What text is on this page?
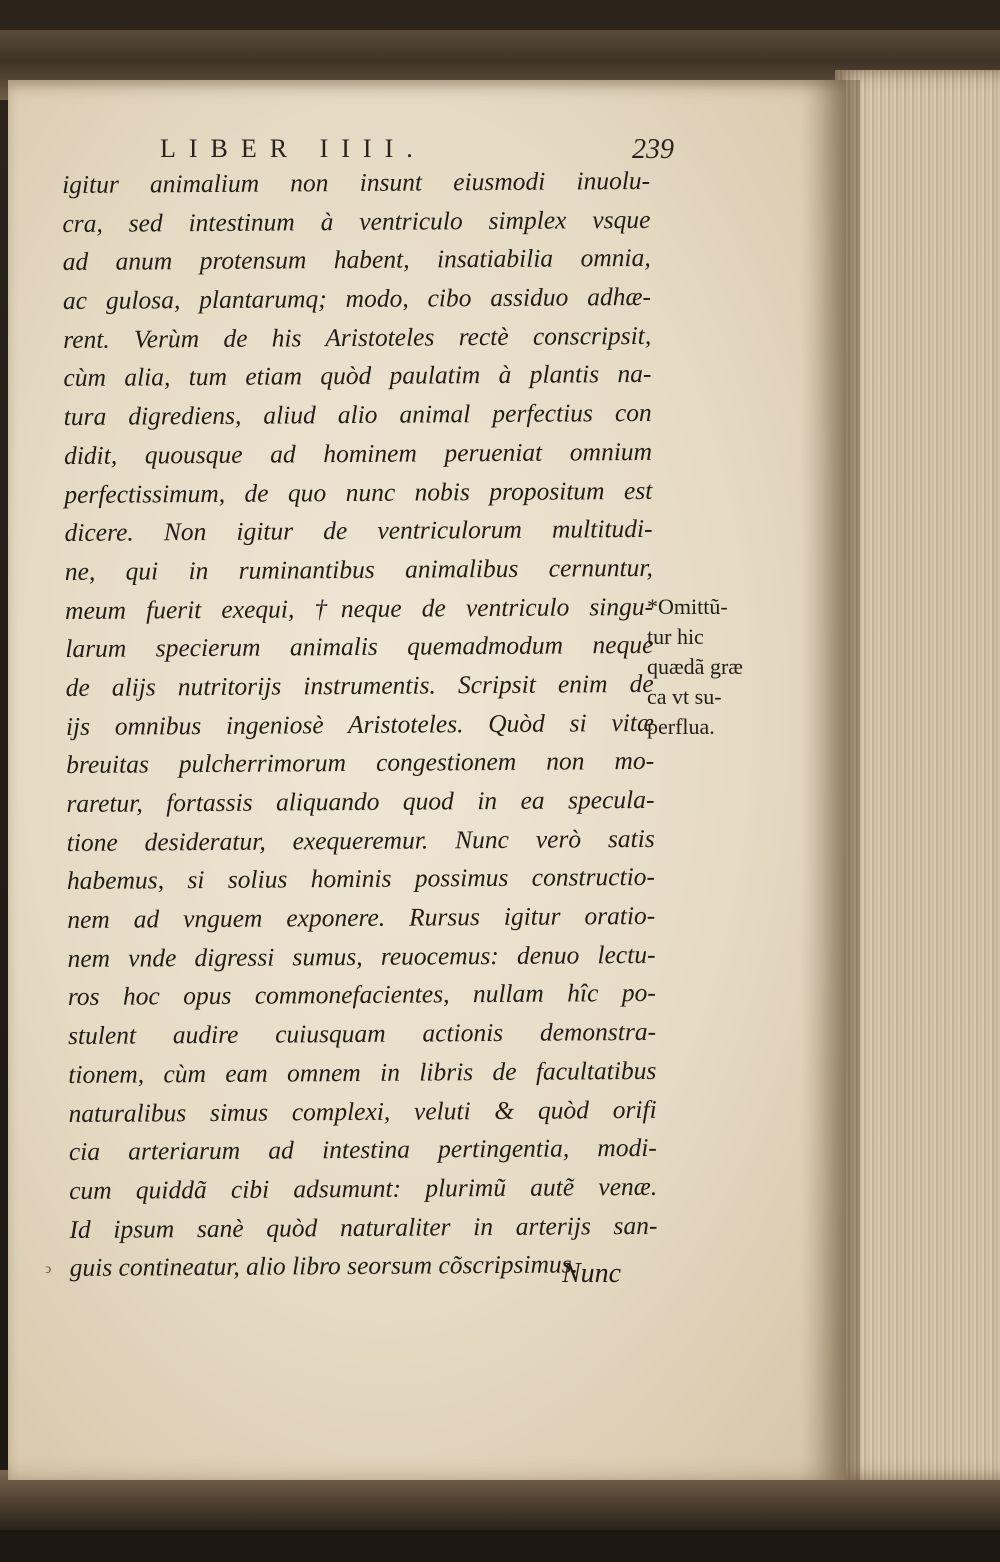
LIBER IIII.	239
igitur animalium non insunt eiusmodi inuolu-
cra, sed intestinum à ventriculo simplex vsque
ad anum protensum habent, insatiabilia omnia,
ac gulosa, plantarumq; modo, cibo assiduo adhæ-
rent. Verùm de his Aristoteles rectè conscripsit,
cùm alia, tum etiam quòd paulatim à plantis na-
tura digrediens, aliud alio animal perfectius con
didit, quousque ad hominem perueniat omnium
perfectissimum, de quo nunc nobis propositum est
dicere. Non igitur de ventriculorum multitudi-
ne, qui in ruminantibus animalibus cernuntur,
meum fuerit exequi, †neque de ventriculo singu-
larum specierum animalis quemadmodum neque
de alijs nutritorijs instrumentis. Scripsit enim de
ijs omnibus ingeniosè Aristoteles. Quòd si vitæ
breuitas pulcherrimorum congestionem non mo-
raretur, fortassis aliquando quod in ea specula-
tione desideratur, exequeremur. Nunc verò satis
habemus, si solius hominis possimus constructio-
nem ad vnguem exponere. Rursus igitur oratio-
nem vnde digressi sumus, reuocemus: denuo lectu-
ros hoc opus commonefacientes, nullam hîc po-
stulent audire cuiusquam actionis demonstra-
tionem, cùm eam omnem in libris de facultatibus
naturalibus simus complexi, veluti & quòd orifi
cia arteriarum ad intestina pertingentia, modi-
cum quiddã cibi adsumunt: plurimũ autẽ venæ.
Id ipsum sanè quòd naturaliter in arterijs san-
guis contineatur, alio libro seorsum cõscripsimus.
*Omittũ-
tur hic
quædã græ
ca vt su-
perflua.
ↄ	Nunc
